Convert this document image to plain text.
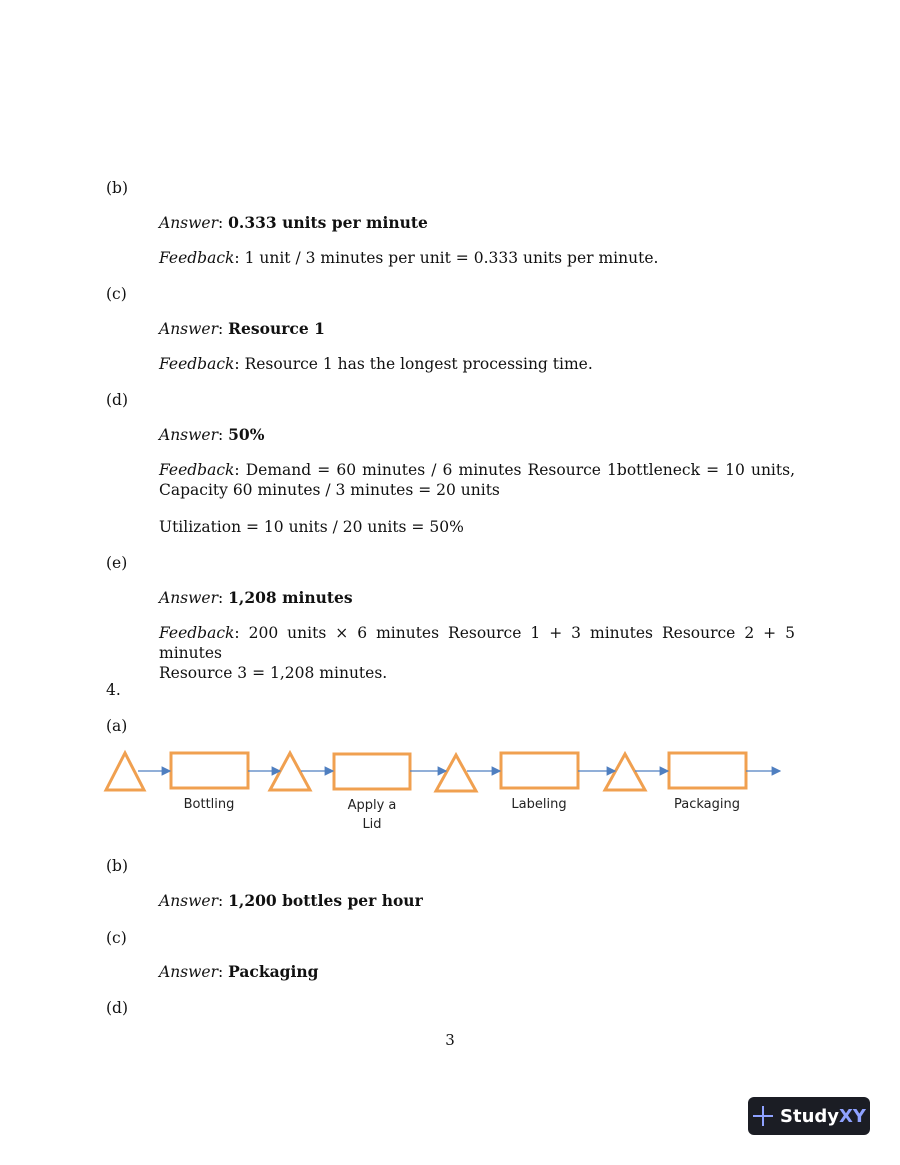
(b)
Answer: 0.333 units per minute
Feedback: 1 unit / 3 minutes per unit = 0.333 units per minute.
(c)
Answer: Resource 1
Feedback: Resource 1 has the longest processing time.
(d)
Answer: 50%
Feedback: Demand = 60 minutes / 6 minutes Resource 1bottleneck = 10 units,
Capacity 60 minutes / 3 minutes = 20 units
Utilization = 10 units / 20 units = 50%
(e)
Answer: 1,208 minutes
Feedback: 200 units × 6 minutes Resource 1 + 3 minutes Resource 2 + 5 minutes
Resource 3 = 1,208 minutes.
4.
(a)
Bottling	Apply a
Lid
Labeling	Packaging
(b)
Answer: 1,200 bottles per hour
(c)
Answer: Packaging
(d)
3
StudyXY
